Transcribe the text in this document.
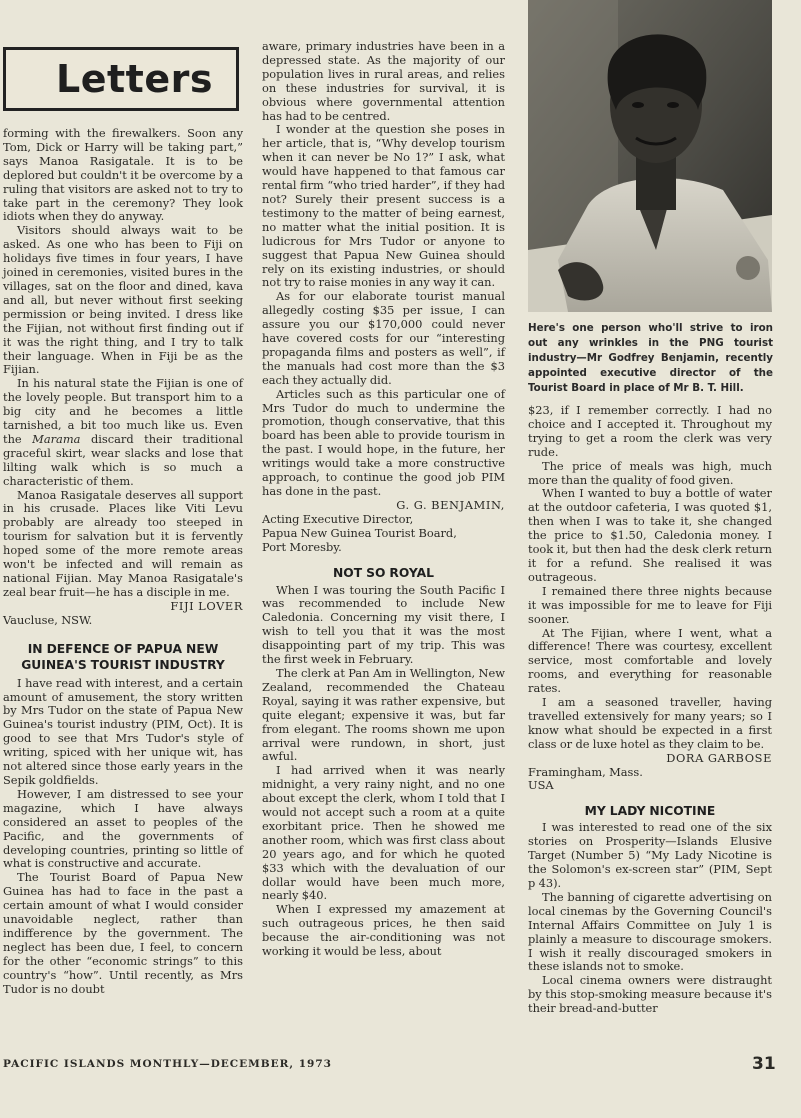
Letters

forming with the firewalkers. Soon any Tom, Dick or Harry will be taking part,” says Manoa Rasigatale. It is to be deplored but couldn't it be overcome by a ruling that visitors are asked not to try to take part in the ceremony? They look idiots when they do anyway.

Visitors should always wait to be asked. As one who has been to Fiji on holidays five times in four years, I have joined in ceremonies, visited bures in the villages, sat on the floor and dined, kava and all, but never without first seeking permission or being invited. I dress like the Fijian, not without first finding out if it was the right thing, and I try to talk their language. When in Fiji be as the Fijian.

In his natural state the Fijian is one of the lovely people. But transport him to a big city and he becomes a little tarnished, a bit too much like us. Even the Marama discard their traditional graceful skirt, wear slacks and lose that lilting walk which is so much a characteristic of them.

Manoa Rasigatale deserves all support in his crusade. Places like Viti Levu probably are already too steeped in tourism for salvation but it is fervently hoped some of the more remote areas won't be infected and will remain as national Fijian. May Manoa Rasigatale's zeal bear fruit—he has a disciple in me.

FIJI LOVER

Vaucluse, NSW.

IN DEFENCE OF PAPUA NEW GUINEA'S TOURIST INDUSTRY

I have read with interest, and a certain amount of amusement, the story written by Mrs Tudor on the state of Papua New Guinea's tourist industry (PIM, Oct). It is good to see that Mrs Tudor's style of writing, spiced with her unique wit, has not altered since those early years in the Sepik goldfields.

However, I am distressed to see your magazine, which I have always considered an asset to peoples of the Pacific, and the governments of developing countries, printing so little of what is constructive and accurate.

The Tourist Board of Papua New Guinea has had to face in the past a certain amount of what I would consider unavoidable neglect, rather than indifference by the government. The neglect has been due, I feel, to concern for the other “economic strings” to this country's “how”. Until recently, as Mrs Tudor is no doubt

aware, primary industries have been in a depressed state. As the majority of our population lives in rural areas, and relies on these industries for survival, it is obvious where governmental attention has had to be centred.

I wonder at the question she poses in her article, that is, “Why develop tourism when it can never be No 1?” I ask, what would have happened to that famous car rental firm “who tried harder”, if they had not? Surely their present success is a testimony to the matter of being earnest, no matter what the initial position. It is ludicrous for Mrs Tudor or anyone to suggest that Papua New Guinea should rely on its existing industries, or should not try to raise monies in any way it can.

As for our elaborate tourist manual allegedly costing $35 per issue, I can assure you our $170,000 could never have covered costs for our “interesting propaganda films and posters as well”, if the manuals had cost more than the $3 each they actually did.

Articles such as this particular one of Mrs Tudor do much to undermine the promotion, though conservative, that this board has been able to provide tourism in the past. I would hope, in the future, her writings would take a more constructive approach, to continue the good job PIM has done in the past.

G. G. BENJAMIN,

Acting Executive Director,

Papua New Guinea Tourist Board,

Port Moresby.

NOT SO ROYAL

When I was touring the South Pacific I was recommended to include New Caledonia. Concerning my visit there, I wish to tell you that it was the most disappointing part of my trip. This was the first week in February.

The clerk at Pan Am in Wellington, New Zealand, recommended the Chateau Royal, saying it was rather expensive, but quite elegant; expensive it was, but far from elegant. The rooms shown me upon arrival were rundown, in short, just awful.

I had arrived when it was nearly midnight, a very rainy night, and no one about except the clerk, whom I told that I would not accept such a room at a quite exorbitant price. Then he showed me another room, which was first class about 20 years ago, and for which he quoted $33 which with the devaluation of our dollar would have been much more, nearly $40.

When I expressed my amazement at such outrageous prices, he then said because the air-conditioning was not working it would be less, about

Here's one person who'll strive to iron out any wrinkles in the PNG tourist industry—Mr Godfrey Benjamin, recently appointed executive director of the Tourist Board in place of Mr B. T. Hill.

$23, if I remember correctly. I had no choice and I accepted it. Throughout my trying to get a room the clerk was very rude.

The price of meals was high, much more than the quality of food given.

When I wanted to buy a bottle of water at the outdoor cafeteria, I was quoted $1, then when I was to take it, she changed the price to $1.50, Caledonia money. I took it, but then had the desk clerk return it for a refund. She realised it was outrageous.

I remained there three nights because it was impossible for me to leave for Fiji sooner.

At The Fijian, where I went, what a difference! There was courtesy, excellent service, most comfortable and lovely rooms, and everything for reasonable rates.

I am a seasoned traveller, having travelled extensively for many years; so I know what should be expected in a first class or de luxe hotel as they claim to be.

DORA GARBOSE

Framingham, Mass.

USA

MY LADY NICOTINE

I was interested to read one of the six stories on Prosperity—Islands Elusive Target (Number 5) “My Lady Nicotine is the Solomon's ex-screen star” (PIM, Sept p 43).

The banning of cigarette advertising on local cinemas by the Governing Council's Internal Affairs Committee on July 1 is plainly a measure to discourage smokers. I wish it really discouraged smokers in these islands not to smoke.

Local cinema owners were distraught by this stop-smoking measure because it's their bread-and-butter

PACIFIC ISLANDS MONTHLY—DECEMBER, 1973	31
